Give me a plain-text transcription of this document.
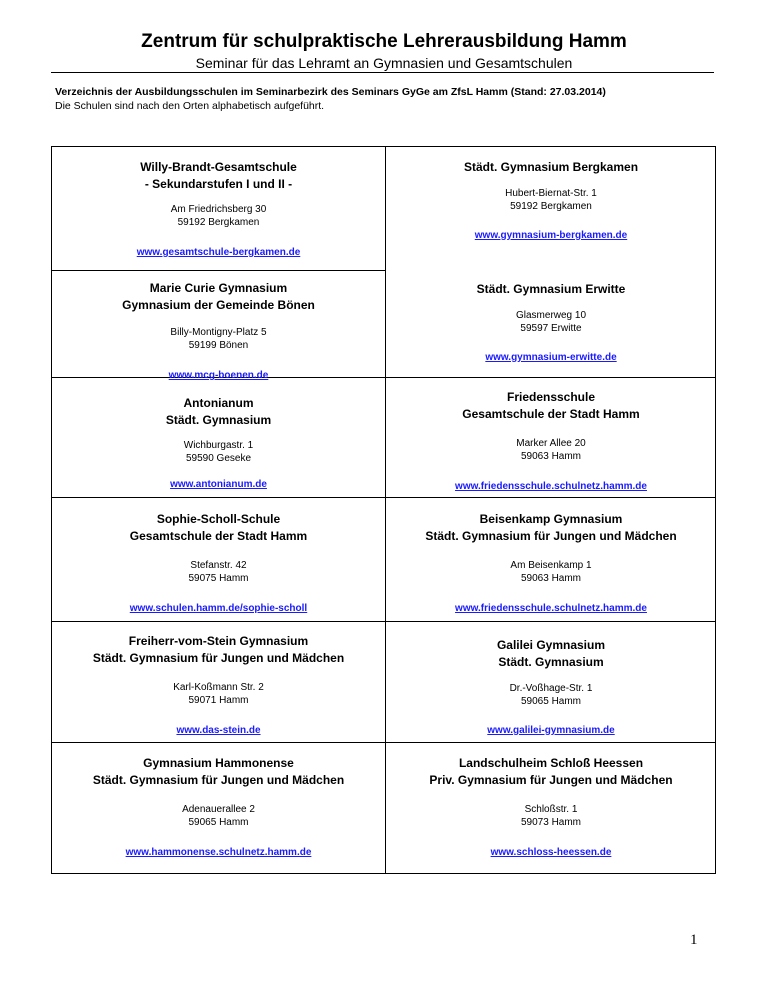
Zentrum für schulpraktische Lehrerausbildung Hamm
Seminar für das Lehramt an Gymnasien und Gesamtschulen
Verzeichnis der Ausbildungsschulen im Seminarbezirk des Seminars GyGe am ZfsL Hamm (Stand: 27.03.2014)
Die Schulen sind nach den Orten alphabetisch aufgeführt.
Willy-Brandt-Gesamtschule
- Sekundarstufen I und II -
Am Friedrichsberg 30
59192 Bergkamen
www.gesamtschule-bergkamen.de
Städt. Gymnasium Bergkamen
Hubert-Biernat-Str. 1
59192 Bergkamen
www.gymnasium-bergkamen.de
Marie Curie Gymnasium
Gymnasium der Gemeinde Bönen
Billy-Montigny-Platz 5
59199 Bönen
www.mcg-boenen.de
Städt. Gymnasium Erwitte
Glasmerweg 10
59597 Erwitte
www.gymnasium-erwitte.de
Antonianum
Städt. Gymnasium
Wichburgastr. 1
59590 Geseke
www.antonianum.de
Friedensschule
Gesamtschule der Stadt Hamm
Marker Allee 20
59063 Hamm
www.friedensschule.schulnetz.hamm.de
Sophie-Scholl-Schule
Gesamtschule der Stadt Hamm
Stefanstr. 42
59075 Hamm
www.schulen.hamm.de/sophie-scholl
Beisenkamp Gymnasium
Städt. Gymnasium für Jungen und Mädchen
Am Beisenkamp 1
59063 Hamm
www.friedensschule.schulnetz.hamm.de
Freiherr-vom-Stein Gymnasium
Städt. Gymnasium für Jungen und Mädchen
Karl-Koßmann Str. 2
59071 Hamm
www.das-stein.de
Galilei Gymnasium
Städt. Gymnasium
Dr.-Voßhage-Str. 1
59065 Hamm
www.galilei-gymnasium.de
Gymnasium Hammonense
Städt. Gymnasium für Jungen und Mädchen
Adenauerallee 2
59065 Hamm
www.hammonense.schulnetz.hamm.de
Landschulheim Schloß Heessen
Priv. Gymnasium für Jungen und Mädchen
Schloßstr. 1
59073 Hamm
www.schloss-heessen.de
1
